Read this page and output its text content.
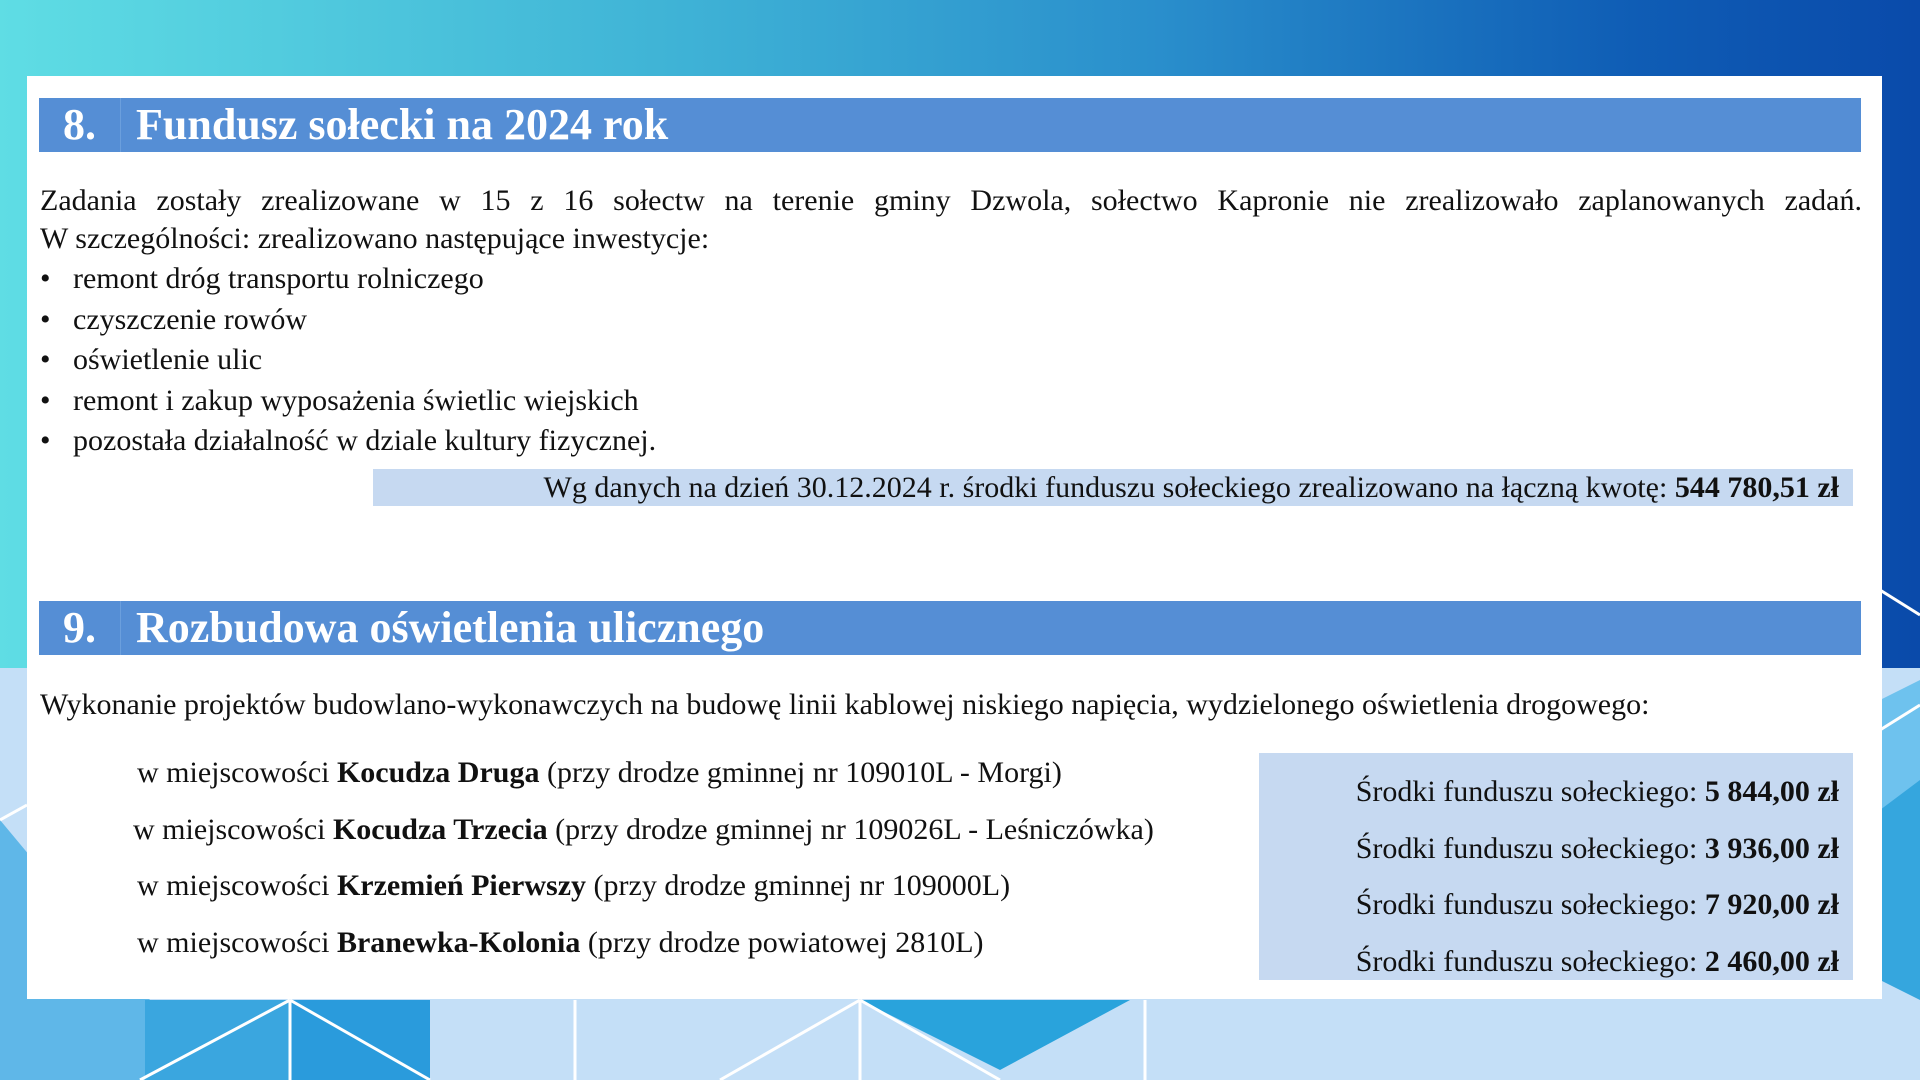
8. Fundusz sołecki na 2024 rok
Zadania zostały zrealizowane w 15 z 16 sołectw na terenie gminy Dzwola, sołectwo Kapronie nie zrealizowało zaplanowanych zadań.
W szczególności: zrealizowano następujące inwestycje:
• remont dróg transportu rolniczego
• czyszczenie rowów
• oświetlenie ulic
• remont i zakup wyposażenia świetlic wiejskich
• pozostała działalność w dziale kultury fizycznej.
Wg danych na dzień 30.12.2024 r. środki funduszu sołeckiego zrealizowano na łączną kwotę: 544 780,51 zł
9. Rozbudowa oświetlenia ulicznego
Wykonanie projektów budowlano-wykonawczych na budowę linii kablowej niskiego napięcia, wydzielonego oświetlenia drogowego:
Środki funduszu sołeckiego: 5 844,00 zł
Środki funduszu sołeckiego: 3 936,00 zł
Środki funduszu sołeckiego: 7 920,00 zł
Środki funduszu sołeckiego: 2 460,00 zł
w miejscowości Kocudza Druga (przy drodze gminnej nr 109010L - Morgi)
w miejscowości Kocudza Trzecia (przy drodze gminnej nr 109026L - Leśniczówka)
w miejscowości Krzemień Pierwszy (przy drodze gminnej nr 109000L)
w miejscowości Branewka-Kolonia (przy drodze powiatowej 2810L)
